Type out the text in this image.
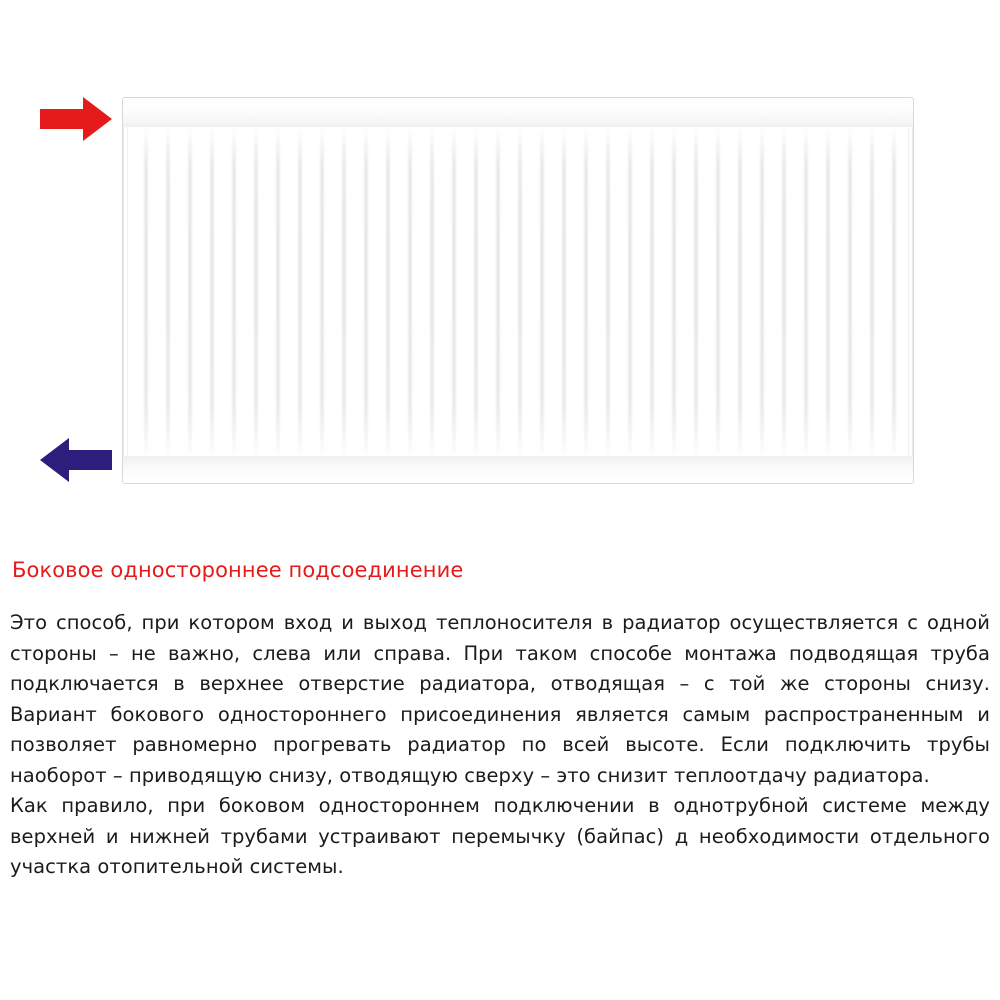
Боковое одностороннее подсоединение

Это способ, при котором вход и выход теплоносителя в радиатор осуществляется с одной стороны – не важно, слева или справа. При таком способе монтажа подводящая труба подключается в верхнее отверстие радиатора, отводящая – с той же стороны снизу. Вариант бокового одностороннего присоединения является самым распространенным и позволяет равномерно прогревать радиатор по всей высоте. Если подключить трубы наоборот – приводящую снизу, отводящую сверху – это снизит теплоотдачу радиатора.

Как правило, при боковом одностороннем подключении в однотрубной системе между верхней и нижней трубами устраивают перемычку (байпас) д необходимости отдельного участка отопительной системы.
